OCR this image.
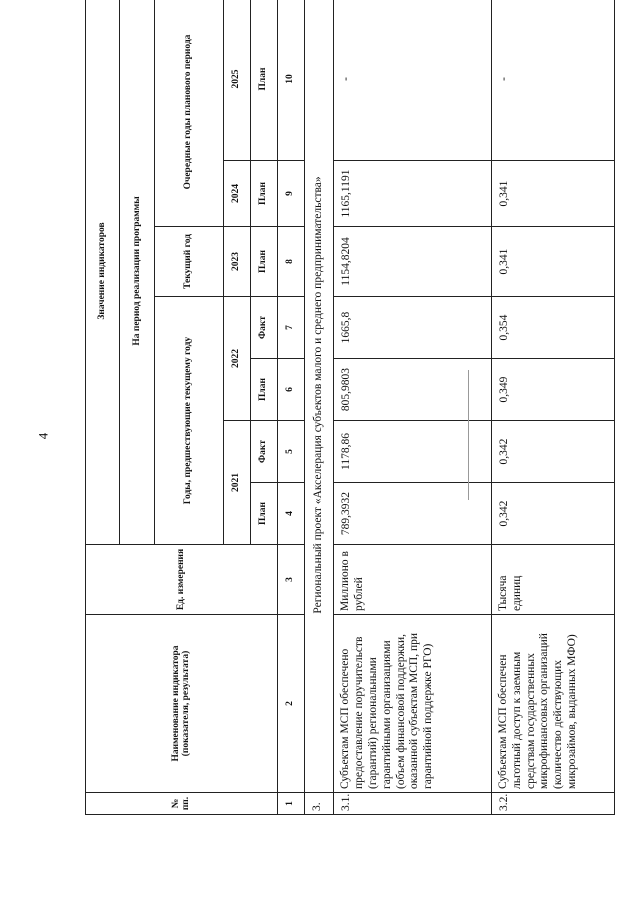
4
№ пп.	Наименование индикатора (показателя, результата)	Ед. измерения	Значение индикаторов						
			На период реализации программы						
			Годы, предшествующие текущему году				Текущий год	Очередные годы планового периода	
			2021		2022		2023	2024	2025
			План	Факт	План	Факт	План	План	План
1	2	3	4	5	6	7	8	9	10
3.	Региональный проект «Акселерация субъектов малого и среднего предпринимательства»								
3.1.	Субъектам МСП обеспечено предоставление поручительств (гарантий) региональными гарантийными организациями (объем финансовой поддержки, оказанной субъектам МСП, при гарантийной поддержке РГО)	Миллионо в рублей	789,3932	1178,86	805,9803	1665,8	1154,8204	1165,1191	-
3.2.	Субъектам МСП обеспечен льготный доступ к заемным средствам государственных микрофинансовых организаций (количество действующих микрозаймов, выданных МФО)	Тысяча единиц	0,342	0,342	0,349	0,354	0,341	0,341	-
